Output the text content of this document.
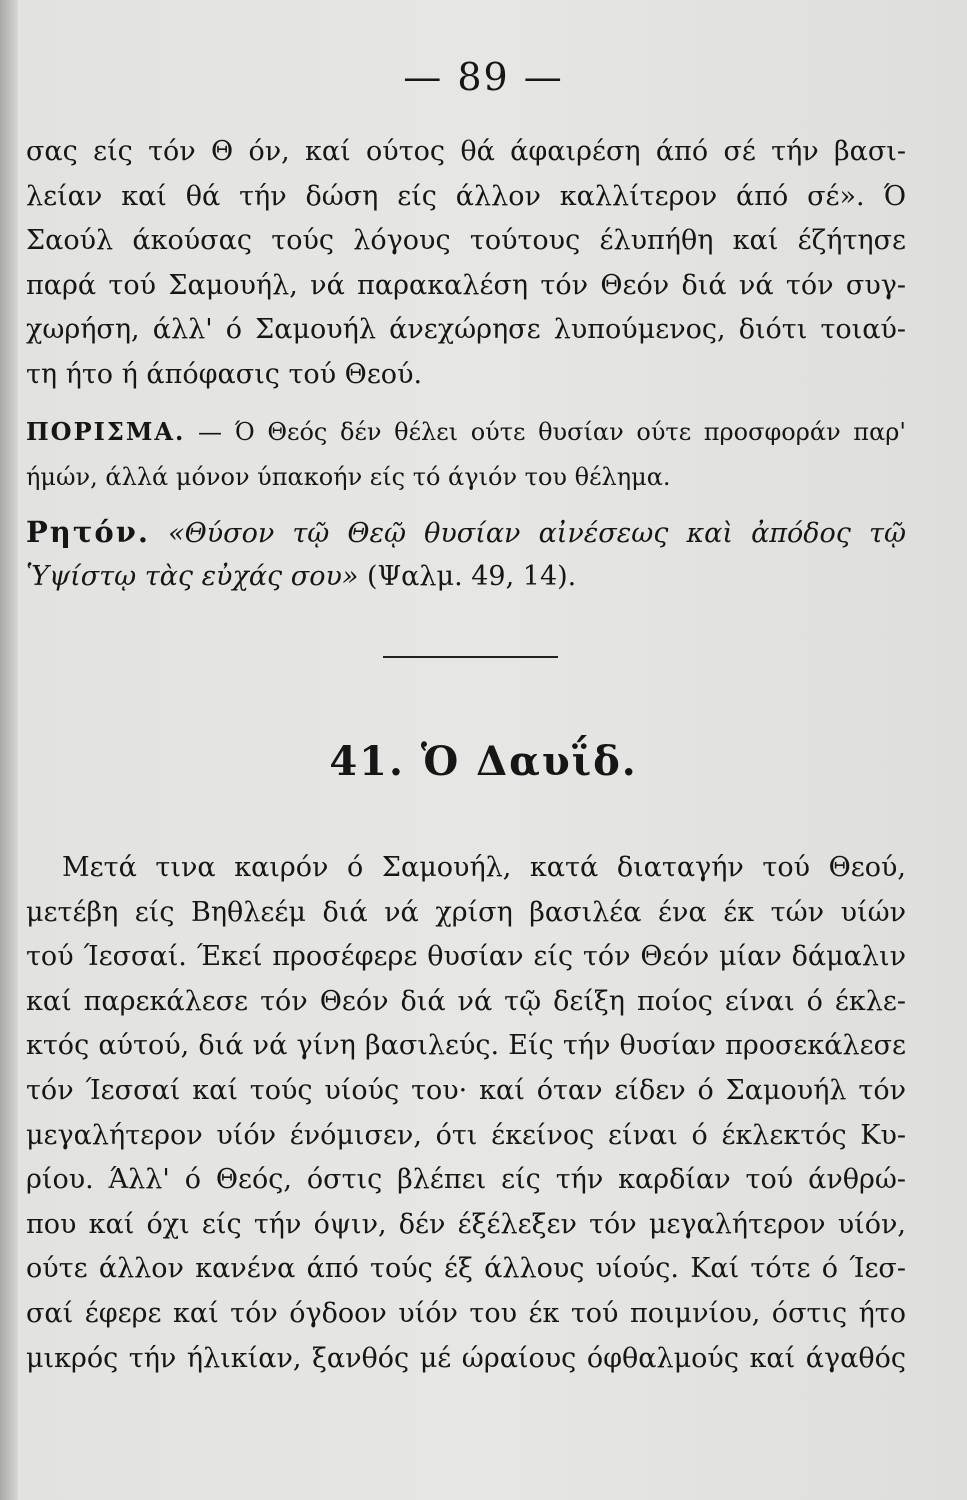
— 89 —
σας είς τόν Θ όν, καί ούτος θά άφαιρέση άπό σέ τήν βασι-
λείαν καί θά τήν δώση είς άλλον καλλίτερον άπό σέ». Ό
Σαούλ άκούσας τούς λόγους τούτους έλυπήθη καί έζήτησε
παρά τού Σαμουήλ, νά παρακαλέση τόν Θεόν διά νά τόν συγ-
χωρήση, άλλ' ό Σαμουήλ άνεχώρησε λυπούμενος, διότι τοιαύ-
τη ήτο ή άπόφασις τού Θεού.
ΠΟΡΙΣΜΑ. — Ό Θεός δέν θέλει ούτε θυσίαν ούτε προσφοράν παρ'
ήμών, άλλά μόνον ύπακοήν είς τό άγιόν του θέλημα.
Ρητόν. «Θύσον τῷ Θεῷ θυσίαν αἰνέσεως καὶ ἀπόδος τῷ
Ὑψίστῳ τὰς εὐχάς σου» (Ψαλμ. 49, 14).
41. Ὁ Δαυΐδ.
Μετά τινα καιρόν ό Σαμουήλ, κατά διαταγήν τού Θεού,
μετέβη είς Βηθλεέμ διά νά χρίση βασιλέα ένα έκ τών υίών
τού Ίεσσαί. Έκεί προσέφερε θυσίαν είς τόν Θεόν μίαν δάμαλιν
καί παρεκάλεσε τόν Θεόν διά νά τῷ δείξη ποίος είναι ό έκλε-
κτός αύτού, διά νά γίνη βασιλεύς. Είς τήν θυσίαν προσεκάλεσε
τόν Ίεσσαί καί τούς υίούς του· καί όταν είδεν ό Σαμουήλ τόν
μεγαλήτερον υίόν ένόμισεν, ότι έκείνος είναι ό έκλεκτός Κυ-
ρίου. Άλλ' ό Θεός, όστις βλέπει είς τήν καρδίαν τού άνθρώ-
που καί όχι είς τήν όψιν, δέν έξέλεξεν τόν μεγαλήτερον υίόν,
ούτε άλλον κανένα άπό τούς έξ άλλους υίούς. Καί τότε ό Ίεσ-
σαί έφερε καί τόν όγδοον υίόν του έκ τού ποιμνίου, όστις ήτο
μικρός τήν ήλικίαν, ξανθός μέ ώραίους όφθαλμούς καί άγαθός
